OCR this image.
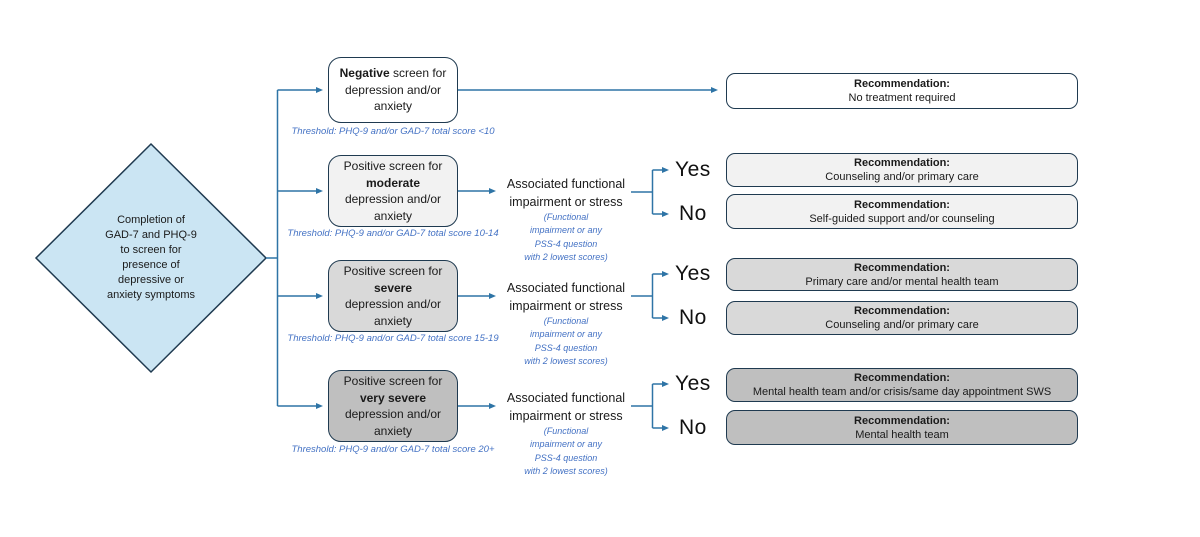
Completion of
GAD-7 and PHQ-9
to screen for
presence of
depressive or
anxiety symptoms
Negative screen for
depression and/or
anxiety
Threshold: PHQ-9 and/or GAD-7 total score <10
Positive screen for
moderate
depression and/or
anxiety
Threshold: PHQ-9 and/or GAD-7 total score 10-14
Positive screen for
severe
depression and/or
anxiety
Threshold: PHQ-9 and/or GAD-7 total score 15-19
Positive screen for
very severe
depression and/or
anxiety
Threshold: PHQ-9 and/or GAD-7 total score 20+
Associated functional
impairment or stress
(Functional
impairment or any
PSS-4 question
with 2 lowest scores)
Associated functional
impairment or stress
(Functional
impairment or any
PSS-4 question
with 2 lowest scores)
Associated functional
impairment or stress
(Functional
impairment or any
PSS-4 question
with 2 lowest scores)
Yes
No
Yes
No
Yes
No
Recommendation:
No treatment required
Recommendation:
Counseling and/or primary care
Recommendation:
Self-guided support and/or counseling
Recommendation:
Primary care and/or mental health team
Recommendation:
Counseling and/or primary care
Recommendation:
Mental health team and/or crisis/same day appointment SWS
Recommendation:
Mental health team
